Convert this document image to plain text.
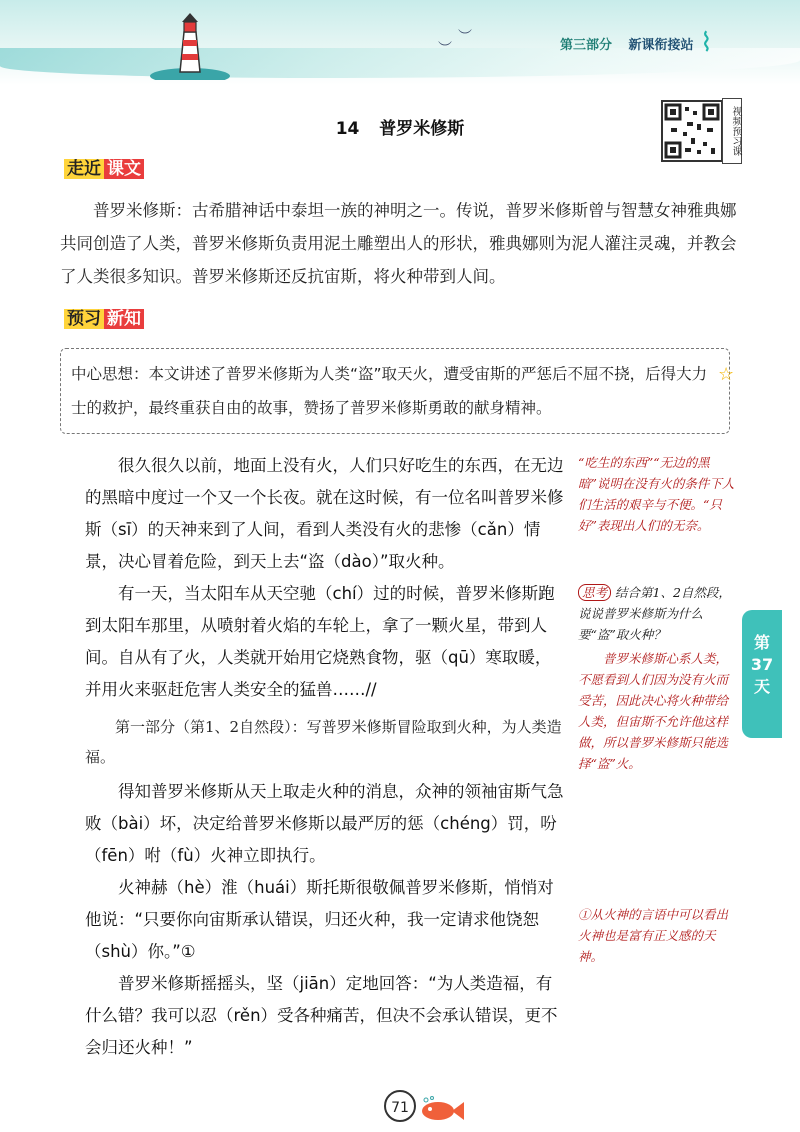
︶
︶
第三部分 新课衔接站 ⌇
14 普罗米修斯	视频预习课
走近 课文
普罗米修斯：古希腊神话中泰坦一族的神明之一。传说，普罗米修斯曾与智慧女神雅典娜共同创造了人类，普罗米修斯负责用泥土雕塑出人的形状，雅典娜则为泥人灌注灵魂，并教会了人类很多知识。普罗米修斯还反抗宙斯，将火种带到人间。
预习 新知
中心思想：本文讲述了普罗米修斯为人类“盗”取天火，遭受宙斯的严惩后不屈不挠，后得大力士的救护，最终重获自由的故事，赞扬了普罗米修斯勇敢的献身精神。
☆
很久很久以前，地面上没有火，人们只好吃生的东西，在无边的黑暗中度过一个又一个长夜。就在这时候，有一位名叫普罗米修斯（sī）的天神来到了人间，看到人类没有火的悲惨（cǎn）情景，决心冒着危险，到天上去“盗（dào）”取火种。
有一天，当太阳车从天空驰（chí）过的时候，普罗米修斯跑到太阳车那里，从喷射着火焰的车轮上，拿了一颗火星，带到人间。自从有了火，人类就开始用它烧熟食物，驱（qū）寒取暖，并用火来驱赶危害人类安全的猛兽……//
第一部分（第1、2自然段）：写普罗米修斯冒险取到火种，为人类造福。
得知普罗米修斯从天上取走火种的消息，众神的领袖宙斯气急败（bài）坏，决定给普罗米修斯以最严厉的惩（chéng）罚，吩（fēn）咐（fù）火神立即执行。
火神赫（hè）淮（huái）斯托斯很敬佩普罗米修斯，悄悄对他说：“只要你向宙斯承认错误，归还火种，我一定请求他饶恕（shù）你。”①
普罗米修斯摇摇头，坚（jiān）定地回答：“为人类造福，有什么错？我可以忍（rěn）受各种痛苦，但决不会承认错误，更不会归还火种！”
“吃生的东西”“无边的黑暗”说明在没有火的条件下人们生活的艰辛与不便。“只好”表现出人们的无奈。
思考 结合第1、2自然段，说说普罗米修斯为什么要“盗”取火种？
普罗米修斯心系人类，不愿看到人们因为没有火而受苦，因此决心将火种带给人类，但宙斯不允许他这样做，所以普罗米修斯只能选择“盗”火。
①从火神的言语中可以看出火神也是富有正义感的天神。
第
37
天
71
